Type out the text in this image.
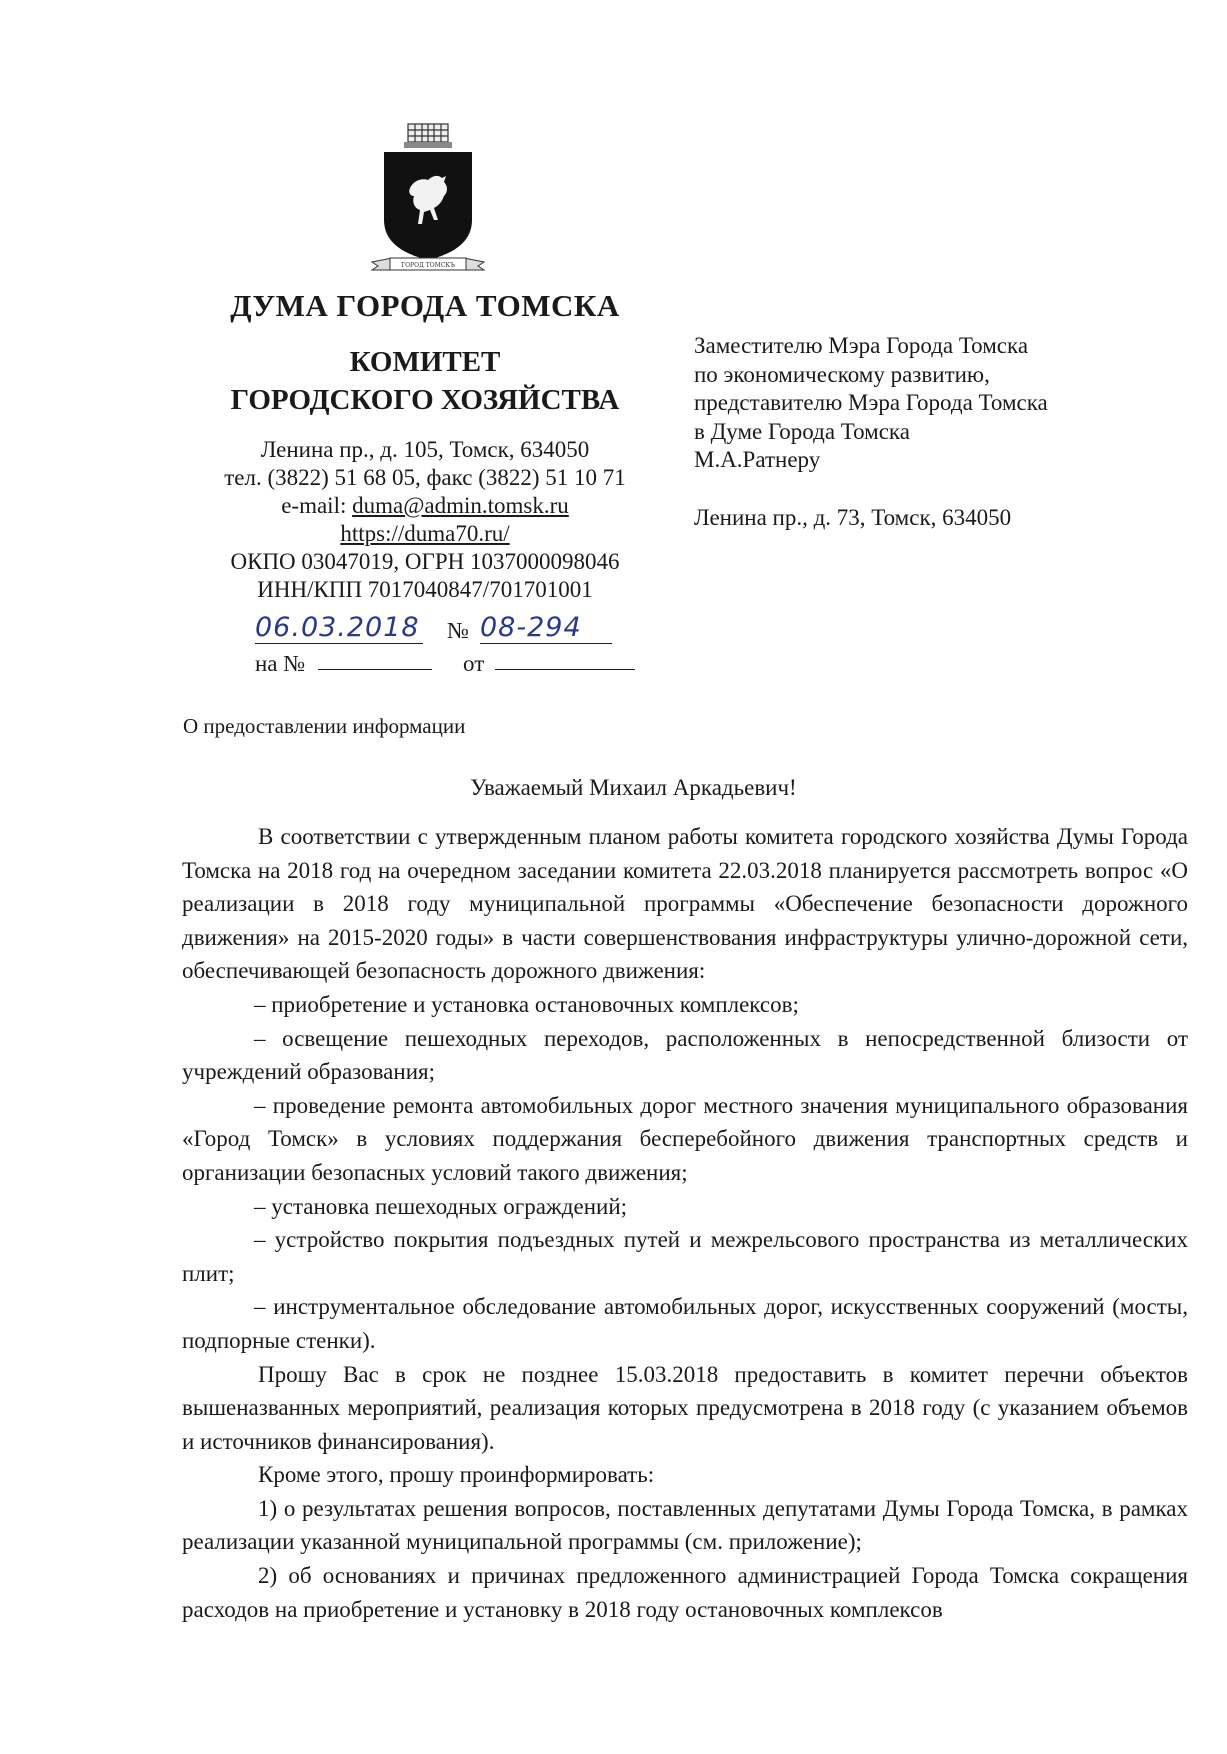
ГОРОД ТОМСКЪ

ДУМА ГОРОДА ТОМСКА

КОМИТЕТ
ГОРОДСКОГО ХОЗЯЙСТВА

Ленина пр., д. 105, Томск, 634050

тел. (3822) 51 68 05, факс (3822) 51 10 71

e-mail: duma@admin.tomsk.ru

https://duma70.ru/

ОКПО 03047019, ОГРН 1037000098046

ИНН/КПП 7017040847/701701001

Заместителю Мэра Города Томска

по экономическому развитию,

представителю Мэра Города Томска

в Думе Города Томска

М.А.Ратнеру

Ленина пр., д. 73, Томск, 634050

06.03.2018 № 08-294
на №	от
О предоставлении информации
Уважаемый Михаил Аркадьевич!

В соответствии с утвержденным планом работы комитета городского хозяйства Думы Города Томска на 2018 год на очередном заседании комитета 22.03.2018 планируется рассмотреть вопрос «О реализации в 2018 году муниципальной программы «Обеспечение безопасности дорожного движения» на 2015-2020 годы» в части совершенствования инфраструктуры улично-дорожной сети, обеспечивающей безопасность дорожного движения:

– приобретение и установка остановочных комплексов;

– освещение пешеходных переходов, расположенных в непосредственной близости от учреждений образования;

– проведение ремонта автомобильных дорог местного значения муниципального образования «Город Томск» в условиях поддержания бесперебойного движения транспортных средств и организации безопасных условий такого движения;

– установка пешеходных ограждений;

– устройство покрытия подъездных путей и межрельсового пространства из металлических плит;

– инструментальное обследование автомобильных дорог, искусственных сооружений (мосты, подпорные стенки).

Прошу Вас в срок не позднее 15.03.2018 предоставить в комитет перечни объектов вышеназванных мероприятий, реализация которых предусмотрена в 2018 году (с указанием объемов и источников финансирования).

Кроме этого, прошу проинформировать:

1) о результатах решения вопросов, поставленных депутатами Думы Города Томска, в рамках реализации указанной муниципальной программы (см. приложение);

2) об основаниях и причинах предложенного администрацией Города Томска сокращения расходов на приобретение и установку в 2018 году остановочных комплексов
